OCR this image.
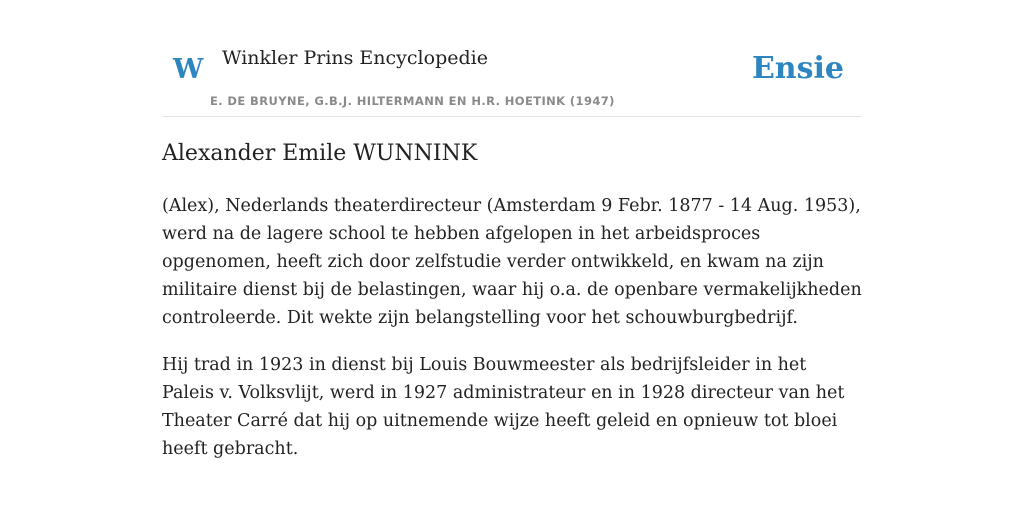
W Winkler Prins Encyclopedie
E. DE BRUYNE, G.B.J. HILTERMANN EN H.R. HOETINK (1947)
Ensie
Alexander Emile WUNNINK

(Alex), Nederlands theaterdirecteur (Amsterdam 9 Febr. 1877 - 14 Aug. 1953), werd na de lagere school te hebben afgelopen in het arbeidsproces opgenomen, heeft zich door zelfstudie verder ontwikkeld, en kwam na zijn militaire dienst bij de belastingen, waar hij o.a. de openbare vermakelijkheden controleerde. Dit wekte zijn belangstelling voor het schouwburgbedrijf.

Hij trad in 1923 in dienst bij Louis Bouwmeester als bedrijfsleider in het Paleis v. Volksvlijt, werd in 1927 administrateur en in 1928 directeur van het Theater Carré dat hij op uitnemende wijze heeft geleid en opnieuw tot bloei heeft gebracht.
